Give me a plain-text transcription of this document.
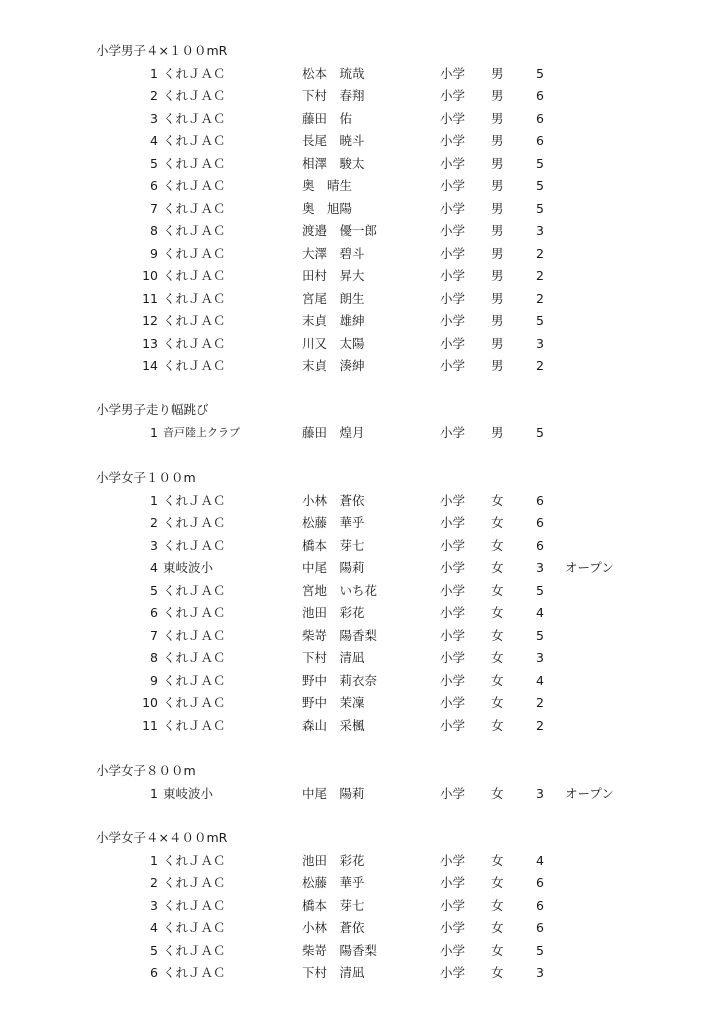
小学男子４×１００mR
1 くれＪＡＣ	松本　琉哉	小学 男	5
2 くれＪＡＣ	下村　春翔	小学 男	6
3 くれＪＡＣ	藤田　佑	小学 男	6
4 くれＪＡＣ	長尾　暁斗	小学 男	6
5 くれＪＡＣ	相澤　駿太	小学 男	5
6 くれＪＡＣ	奥　晴生	小学 男	5
7 くれＪＡＣ	奥　旭陽	小学 男	5
8 くれＪＡＣ	渡邉　優一郎	小学 男	3
9 くれＪＡＣ	大澤　碧斗	小学 男	2
10 くれＪＡＣ	田村　昇大	小学 男	2
11 くれＪＡＣ	宮尾　朗生	小学 男	2
12 くれＪＡＣ	末貞　雄紳	小学 男	5
13 くれＪＡＣ	川又　太陽	小学 男	3
14 くれＪＡＣ	末貞　湊紳	小学 男	2
小学男子走り幅跳び
1 音戸陸上クラブ	藤田　煌月	小学 男	5
小学女子１００m
1 くれＪＡＣ	小林　蒼依	小学 女	6
2 くれＪＡＣ	松藤　華乎	小学 女	6
3 くれＪＡＣ	橋本　芽七	小学 女	6
4 東岐波小	中尾　陽莉	小学 女	3 オープン
5 くれＪＡＣ	宮地　いち花	小学 女	5
6 くれＪＡＣ	池田　彩花	小学 女	4
7 くれＪＡＣ	柴嵜　陽香梨	小学 女	5
8 くれＪＡＣ	下村　清凪	小学 女	3
9 くれＪＡＣ	野中　莉衣奈	小学 女	4
10 くれＪＡＣ	野中　茉凜	小学 女	2
11 くれＪＡＣ	森山　采楓	小学 女	2
小学女子８００m
1 東岐波小	中尾　陽莉	小学 女	3 オープン
小学女子４×４００mR
1 くれＪＡＣ	池田　彩花	小学 女	4
2 くれＪＡＣ	松藤　華乎	小学 女	6
3 くれＪＡＣ	橋本　芽七	小学 女	6
4 くれＪＡＣ	小林　蒼依	小学 女	6
5 くれＪＡＣ	柴嵜　陽香梨	小学 女	5
6 くれＪＡＣ	下村　清凪	小学 女	3
